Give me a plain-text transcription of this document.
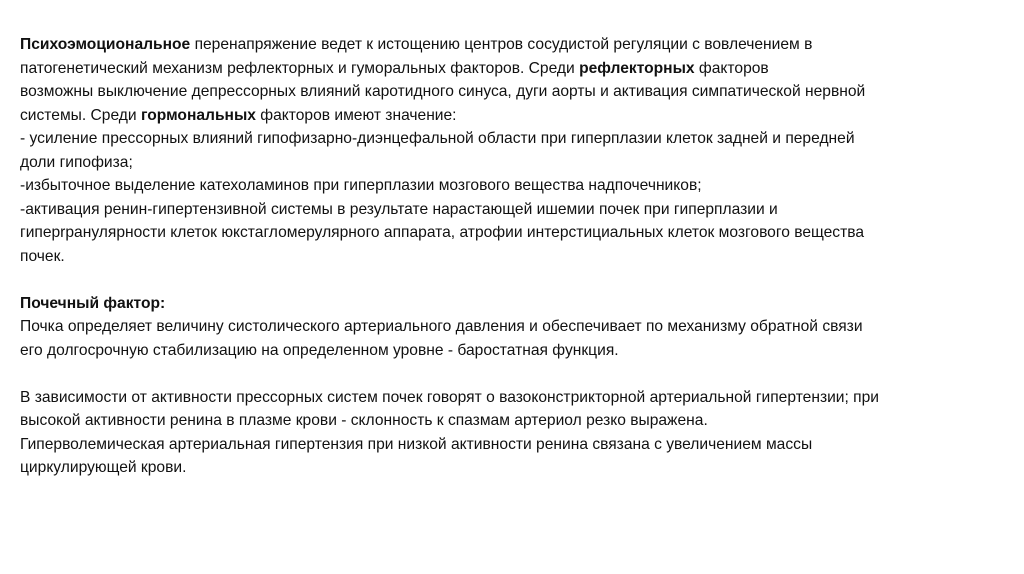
Психоэмоциональное перенапряжение ведет к истощению центров сосудистой регуляции с вовлечением в
патогенетический механизм рефлекторных и гуморальных факторов. Среди рефлекторных факторов
возможны выключение депрессорных влияний каротидного синуса, дуги аорты и активация симпатической нервной
системы. Среди гормональных факторов имеют значение:
- усиление прессорных влияний гипофизарно-диэнцефальной области при гиперплазии клеток задней и передней
доли гипофиза;
-избыточное выделение катехоламинов при гиперплазии мозгового вещества надпочечников;
-активация ренин-гипертензивной системы в результате нарастающей ишемии почек при гиперплазии и
гиперrранулярности клеток юкстагломерулярного аппарата, атрофии интерстициальных клеток мозгового вещества
почек.
Почечный фактор:
Почка определяет величину систолического артериального давления и обеспечивает по механизму обратной связи
его долгосрочную стабилизацию на определенном уровне - баростатная функция.
В зависимости от активности прессорных систем почек говорят о вазоконстрикторной артериальной гипертензии; при
высокой активности ренина в плазме крови - склонность к спазмам артериол резко выражена.
Гиперволемическая артериальная гипертензия при низкой активности ренина связана с увеличением массы
циркулирующей крови.
